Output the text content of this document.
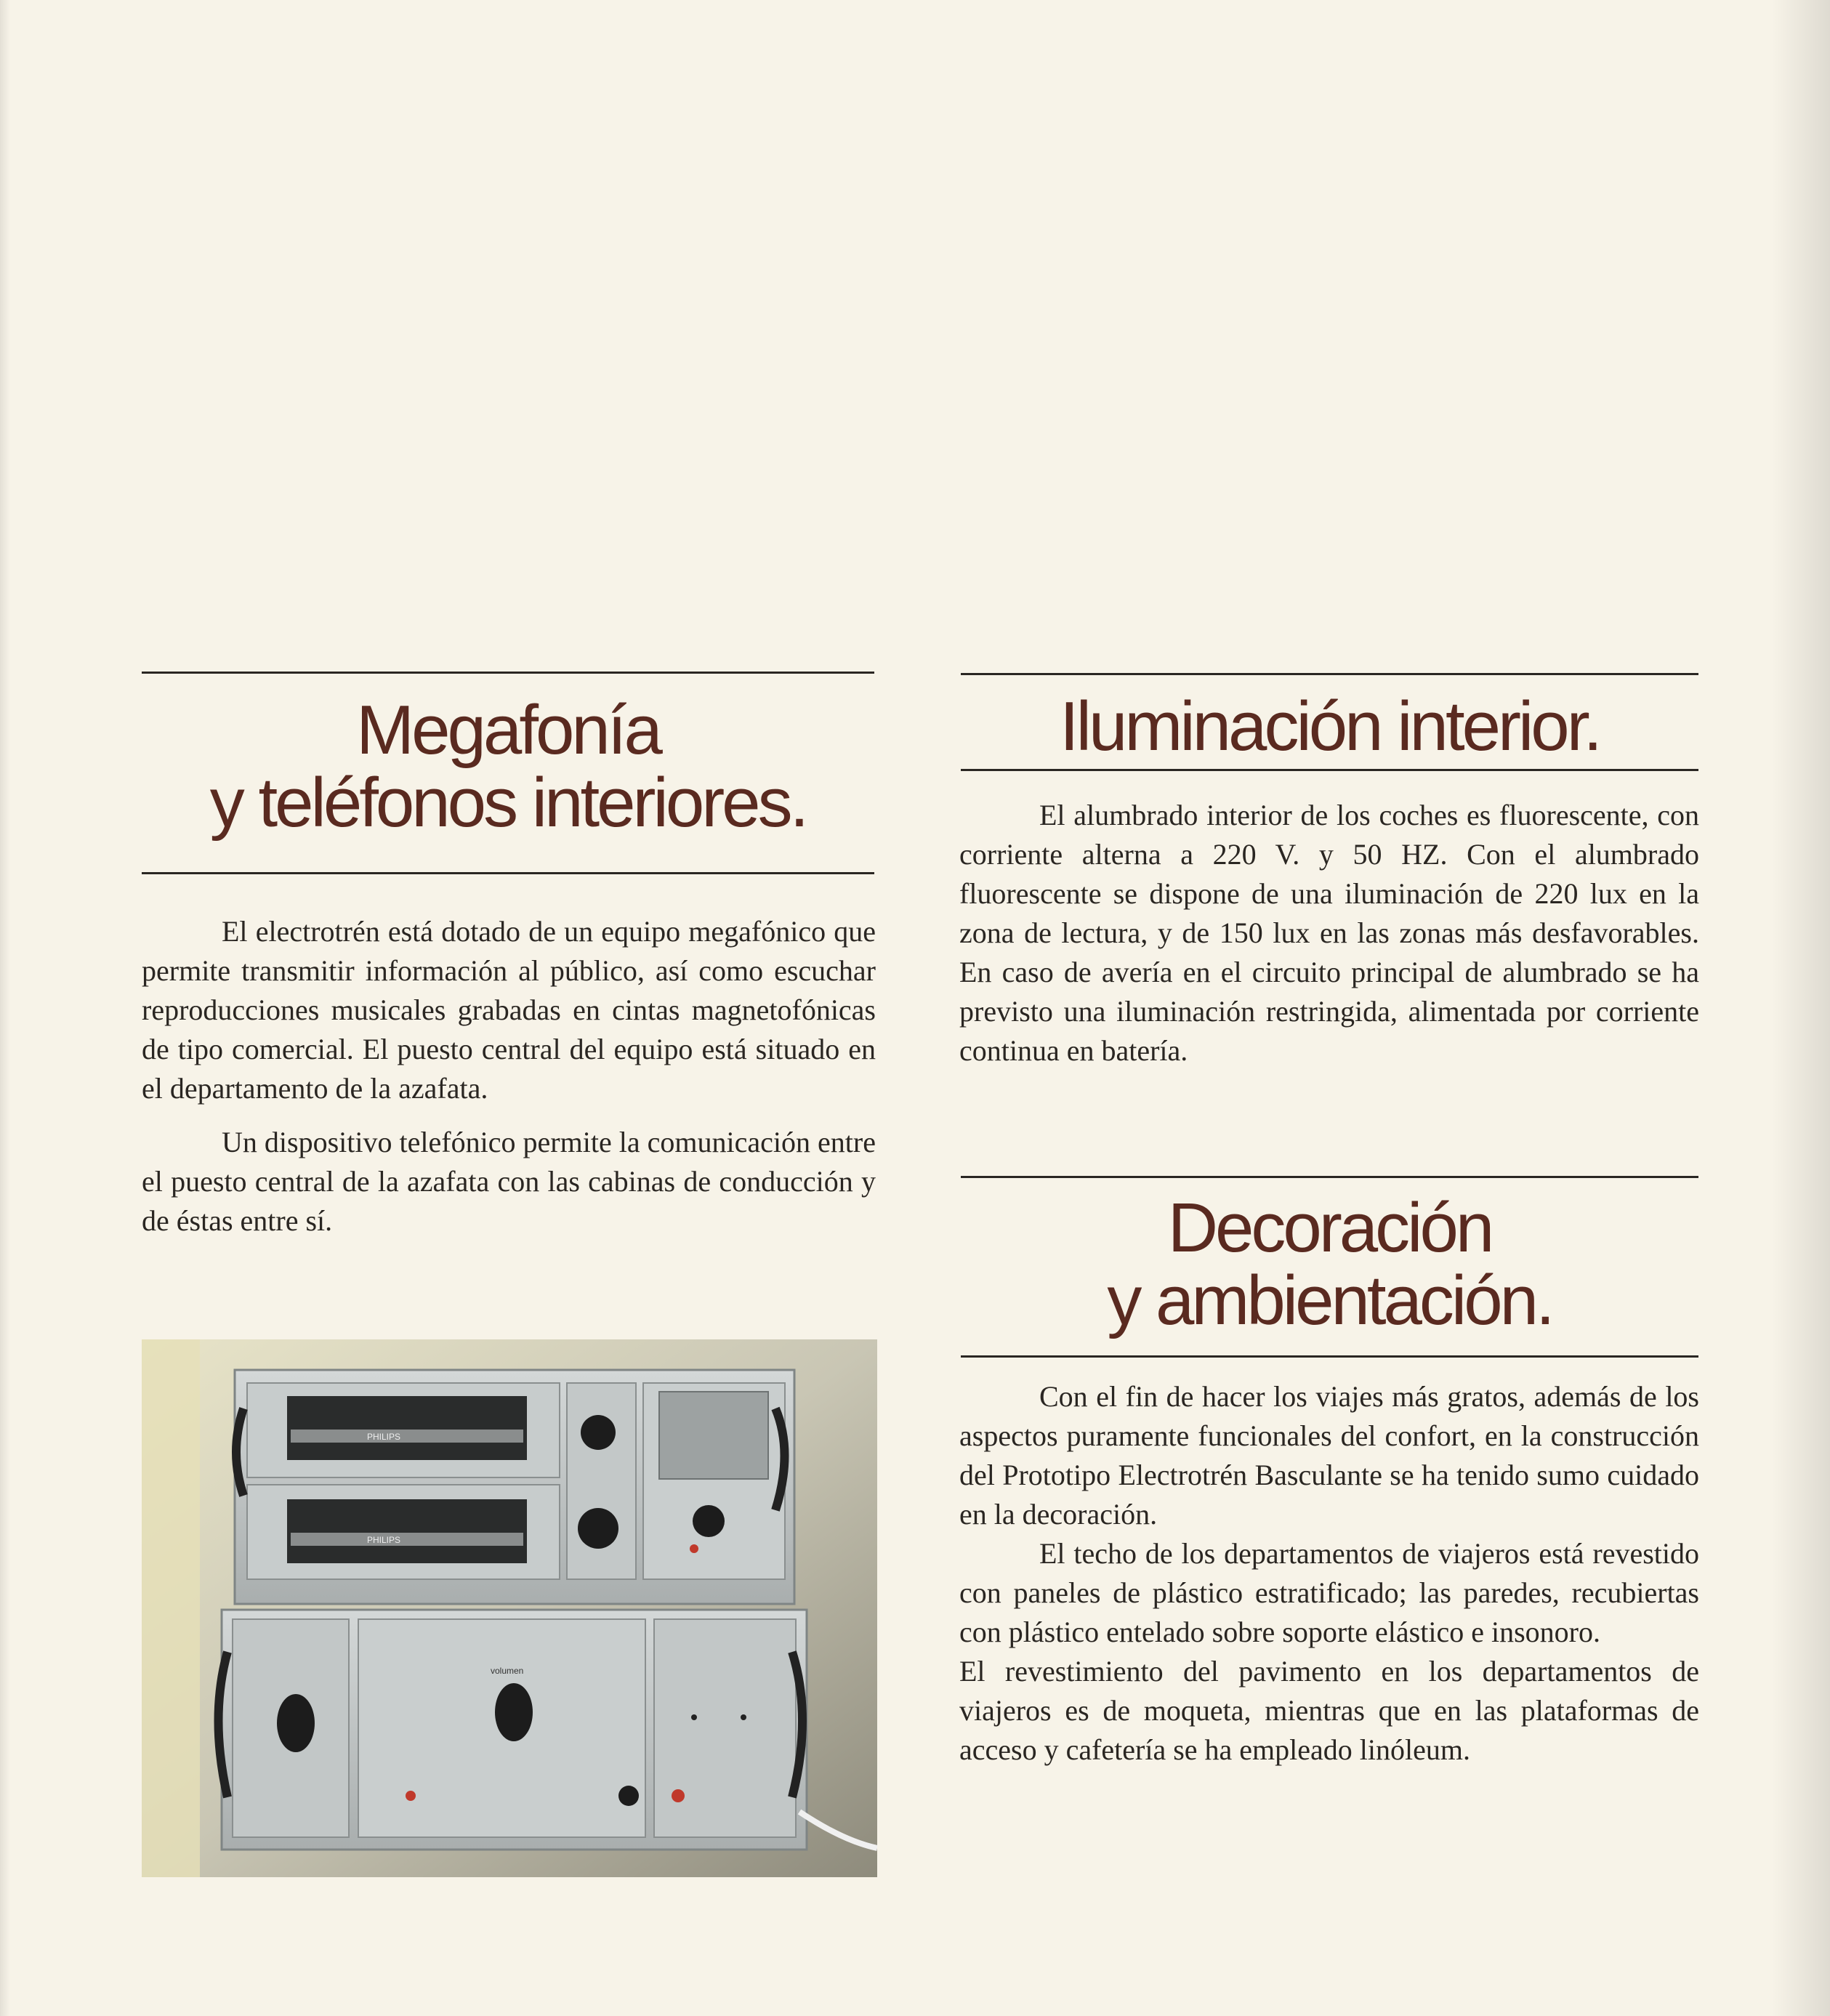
Megafonía
y teléfonos interiores.

El electrotrén está dotado de un equipo megafónico que permite transmitir información al público, así como escuchar reproducciones musicales grabadas en cintas magnetofónicas de tipo comercial. El puesto central del equipo está situado en el departamento de la azafata.

Un dispositivo telefónico permite la comunicación entre el puesto central de la azafata con las cabinas de conducción y de éstas entre sí.

PHILIPS
PHILIPS
volumen
Iluminación interior.

El alumbrado interior de los coches es fluorescente, con corriente alterna a 220 V. y 50 HZ. Con el alumbrado fluorescente se dispone de una iluminación de 220 lux en la zona de lectura, y de 150 lux en las zonas más desfavorables. En caso de avería en el circuito principal de alumbrado se ha previsto una iluminación restringida, alimentada por corriente continua en batería.

Decoración
y ambientación.

Con el fin de hacer los viajes más gratos, además de los aspectos puramente funcionales del confort, en la construcción del Prototipo Electrotrén Basculante se ha tenido sumo cuidado en la decoración.

El techo de los departamentos de viajeros está revestido con paneles de plástico estratificado; las paredes, recubiertas con plástico entelado sobre soporte elástico e insonoro.

El revestimiento del pavimento en los departamentos de viajeros es de moqueta, mientras que en las plataformas de acceso y cafetería se ha empleado linóleum.
